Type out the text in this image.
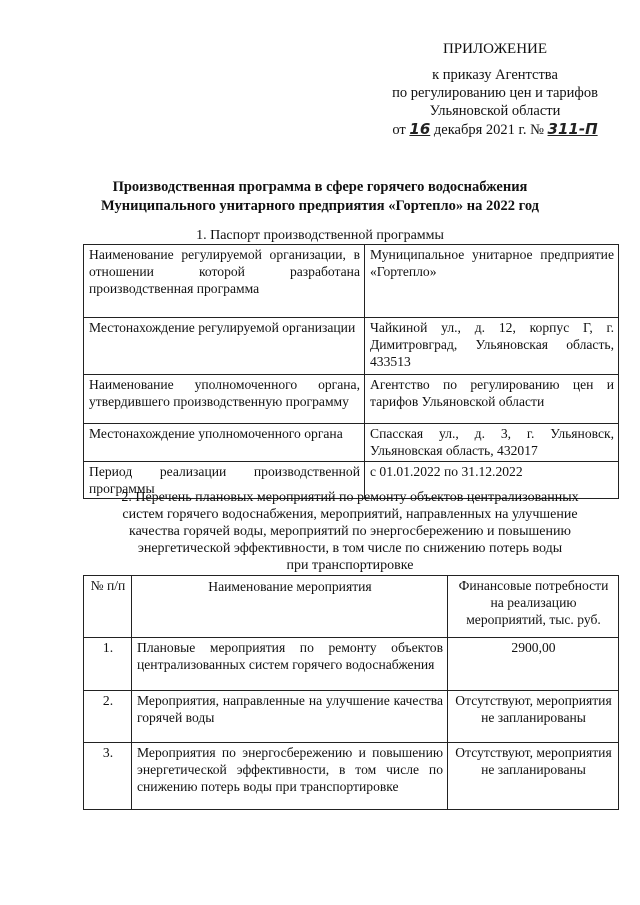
ПРИЛОЖЕНИЕ
к приказу Агентства
по регулированию цен и тарифов
Ульяновской области
от 16 декабря 2021 г. № 311-П
Производственная программа в сфере горячего водоснабжения
Муниципального унитарного предприятия «Гортепло» на 2022 год
1. Паспорт производственной программы
Наименование регулируемой организации, в отношении которой разработана производственная программа	Муниципальное унитарное предприятие «Гортепло»
Местонахождение регулируемой организации	Чайкиной ул., д. 12, корпус Г, г. Димитровград, Ульяновская область, 433513
Наименование уполномоченного органа, утвердившего производственную программу	Агентство по регулированию цен и тарифов Ульяновской области
Местонахождение уполномоченного органа	Спасская ул., д. 3, г. Ульяновск, Ульяновская область, 432017
Период реализации производственной программы	с 01.01.2022 по 31.12.2022
2. Перечень плановых мероприятий по ремонту объектов централизованных
систем горячего водоснабжения, мероприятий, направленных на улучшение
качества горячей воды, мероприятий по энергосбережению и повышению
энергетической эффективности, в том числе по снижению потерь воды
при транспортировке
№ п/п	Наименование мероприятия	Финансовые потребности на реализацию мероприятий, тыс. руб.
1.	Плановые мероприятия по ремонту объектов централизованных систем горячего водоснабжения	2900,00
2.	Мероприятия, направленные на улучшение качества горячей воды	Отсутствуют, мероприятия не запланированы
3.	Мероприятия по энергосбережению и повышению энергетической эффективности, в том числе по снижению потерь воды при транспортировке	Отсутствуют, мероприятия не запланированы
